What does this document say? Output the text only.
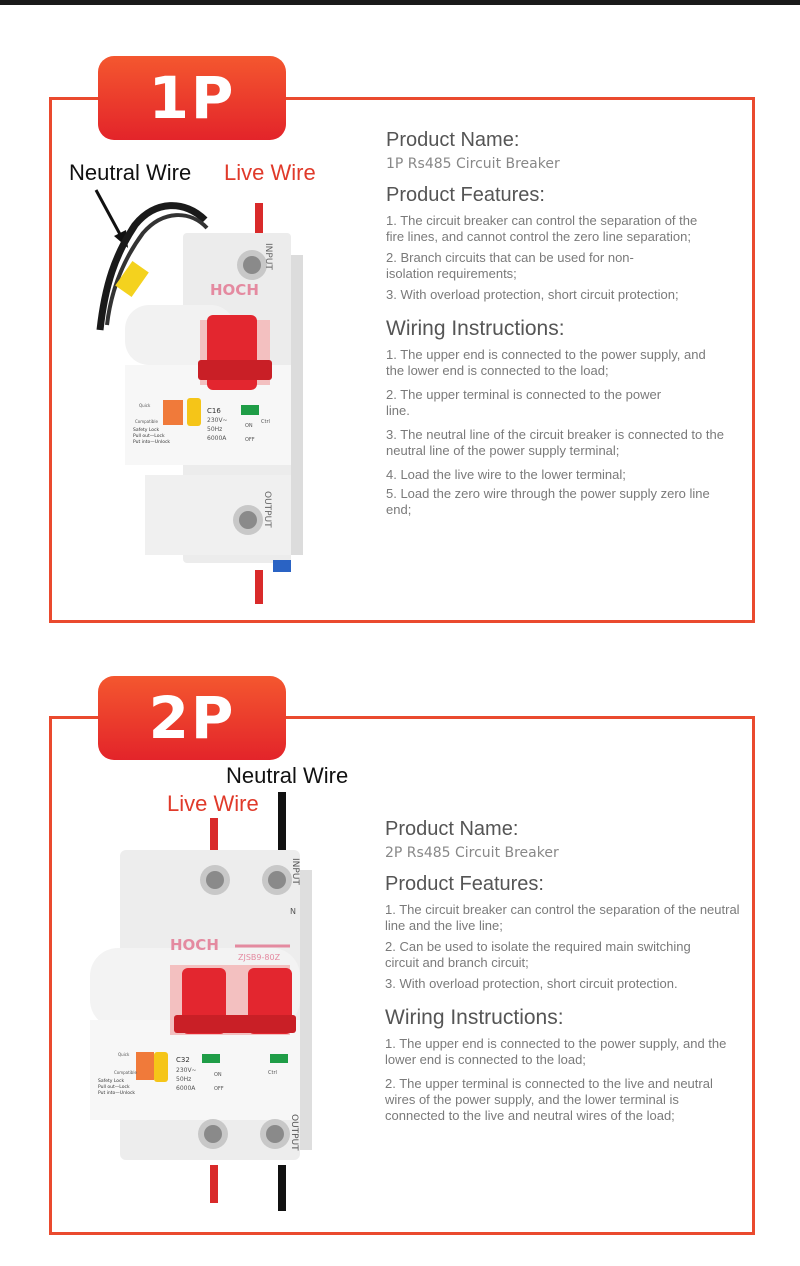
1P
Neutral Wire Live Wire
HOCH
C16
230V~
50Hz
6000A
ON
OFF
Ctrl
Quick
Compatible
Safety Lock
Pull out—Lock
Put into—Unlock
INPUT
OUTPUT
Product Name:
1P Rs485 Circuit Breaker
Product Features:
1. The circuit breaker can control the separation of the fire lines, and cannot control the zero line separation;
2. Branch circuits that can be used for non-isolation requirements;
3. With overload protection, short circuit protection;
Wiring Instructions:
1. The upper end is connected to the power supply, and the lower end is connected to the load;
2. The upper terminal is connected to the power line.
3. The neutral line of the circuit breaker is connected to the neutral line of the power supply terminal;
4. Load the live wire to the lower terminal;
5. Load the zero wire through the power supply zero line end;
2P
Neutral Wire
Live Wire
HOCH
ZJSB9-80Z
C32
230V~
50Hz
6000A
ON
OFF
Ctrl
Quick
Compatible
Safety Lock
Pull out—Lock
Put into—Unlock
INPUT
N
OUTPUT
Product Name:
2P Rs485 Circuit Breaker
Product Features:
1. The circuit breaker can control the separation of the neutral line and the live line;
2. Can be used to isolate the required main switching circuit and branch circuit;
3. With overload protection, short circuit protection.
Wiring Instructions:
1. The upper end is connected to the power supply, and the lower end is connected to the load;
2. The upper terminal is connected to the live and neutral wires of the power supply, and the lower terminal is connected to the live and neutral wires of the load;
